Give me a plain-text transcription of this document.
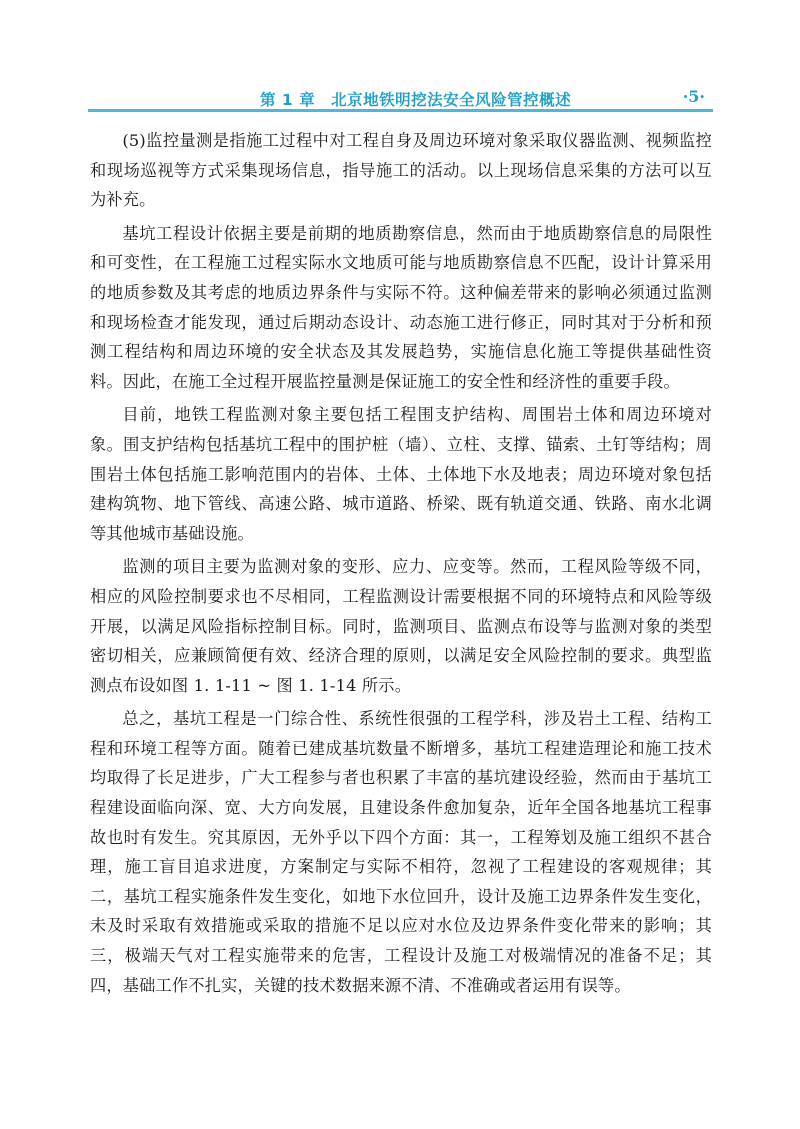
第 1 章　北京地铁明挖法安全风险管控概述	·5·

(5)监控量测是指施工过程中对工程自身及周边环境对象采取仪器监测、视频监控和现场巡视等方式采集现场信息，指导施工的活动。以上现场信息采集的方法可以互为补充。

基坑工程设计依据主要是前期的地质勘察信息，然而由于地质勘察信息的局限性和可变性，在工程施工过程实际水文地质可能与地质勘察信息不匹配，设计计算采用的地质参数及其考虑的地质边界条件与实际不符。这种偏差带来的影响必须通过监测和现场检查才能发现，通过后期动态设计、动态施工进行修正，同时其对于分析和预测工程结构和周边环境的安全状态及其发展趋势，实施信息化施工等提供基础性资料。因此，在施工全过程开展监控量测是保证施工的安全性和经济性的重要手段。

目前，地铁工程监测对象主要包括工程围支护结构、周围岩土体和周边环境对象。围支护结构包括基坑工程中的围护桩（墙）、立柱、支撑、锚索、土钉等结构；周围岩土体包括施工影响范围内的岩体、土体、土体地下水及地表；周边环境对象包括建构筑物、地下管线、高速公路、城市道路、桥梁、既有轨道交通、铁路、南水北调等其他城市基础设施。

监测的项目主要为监测对象的变形、应力、应变等。然而，工程风险等级不同，相应的风险控制要求也不尽相同，工程监测设计需要根据不同的环境特点和风险等级开展，以满足风险指标控制目标。同时，监测项目、监测点布设等与监测对象的类型密切相关，应兼顾简便有效、经济合理的原则，以满足安全风险控制的要求。典型监测点布设如图 1. 1-11 ~ 图 1. 1-14 所示。

总之，基坑工程是一门综合性、系统性很强的工程学科，涉及岩土工程、结构工程和环境工程等方面。随着已建成基坑数量不断增多，基坑工程建造理论和施工技术均取得了长足进步，广大工程参与者也积累了丰富的基坑建设经验，然而由于基坑工程建设面临向深、宽、大方向发展，且建设条件愈加复杂，近年全国各地基坑工程事故也时有发生。究其原因，无外乎以下四个方面：其一，工程筹划及施工组织不甚合理，施工盲目追求进度，方案制定与实际不相符，忽视了工程建设的客观规律；其二，基坑工程实施条件发生变化，如地下水位回升，设计及施工边界条件发生变化，未及时采取有效措施或采取的措施不足以应对水位及边界条件变化带来的影响；其三，极端天气对工程实施带来的危害，工程设计及施工对极端情况的准备不足；其四，基础工作不扎实，关键的技术数据来源不清、不准确或者运用有误等。
